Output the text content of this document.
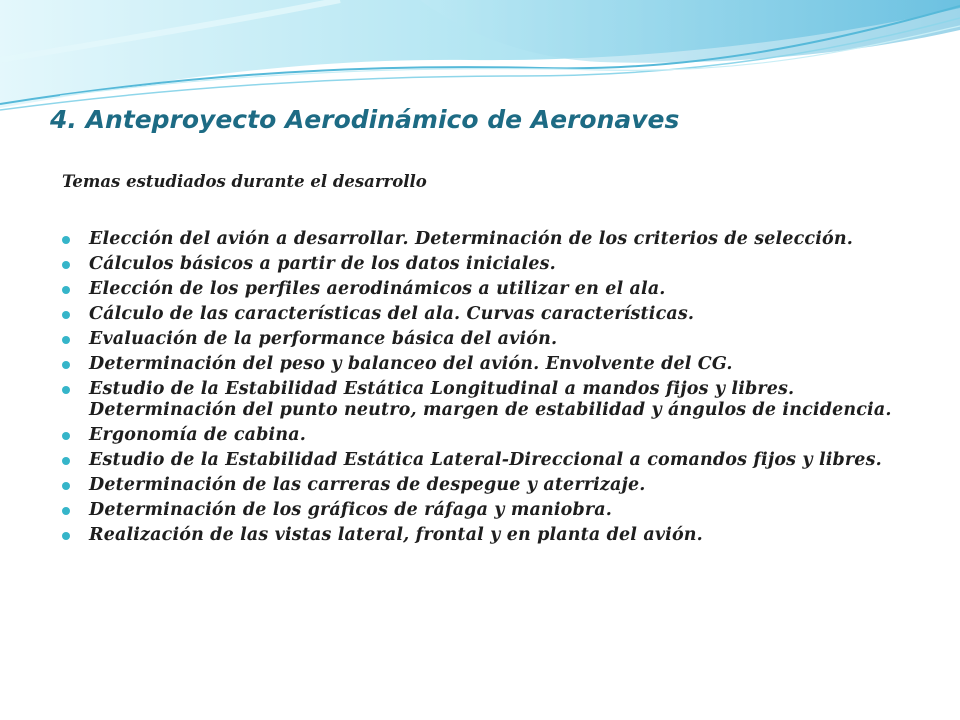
4. Anteproyecto Aerodinámico de Aeronaves

Temas estudiados durante el desarrollo

Elección del avión a desarrollar. Determinación de los criterios de selección.
Cálculos básicos a partir de los datos iniciales.
Elección de los perfiles aerodinámicos a utilizar en el ala.
Cálculo de las características del ala. Curvas características.
Evaluación de la performance básica del avión.
Determinación del peso y balanceo del avión. Envolvente del CG.
Estudio de la Estabilidad Estática Longitudinal a mandos fijos y libres. Determinación del punto neutro, margen de estabilidad y ángulos de incidencia.
Ergonomía de cabina.
Estudio de la Estabilidad Estática Lateral-Direccional a comandos fijos y libres.
Determinación de las carreras de despegue y aterrizaje.
Determinación de los gráficos de ráfaga y maniobra.
Realización de las vistas lateral, frontal y en planta del avión.
